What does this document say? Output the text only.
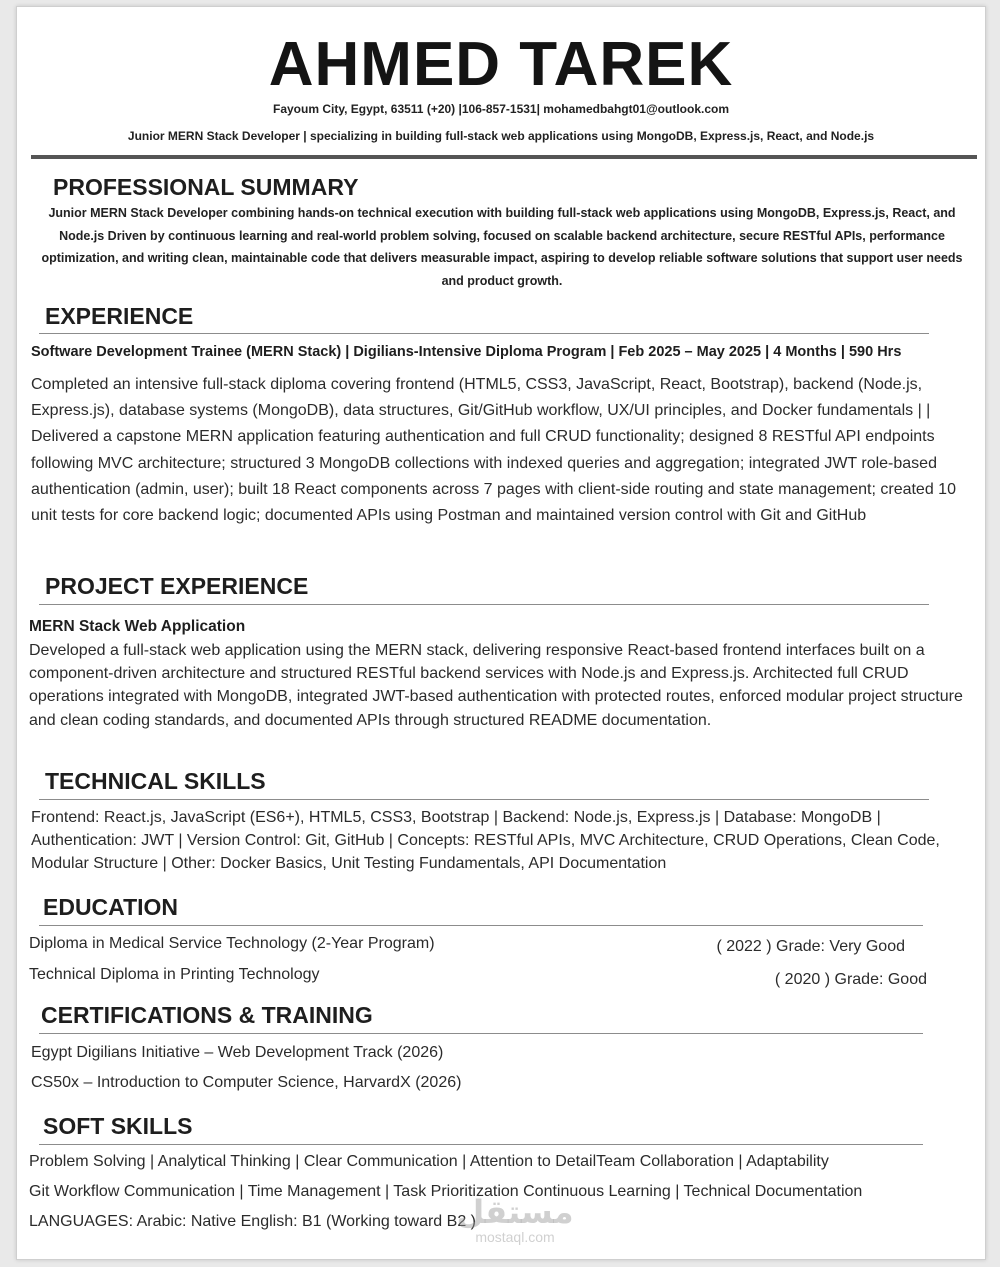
AHMED TAREK
Fayoum City, Egypt, 63511 (+20) |106-857-1531| mohamedbahgt01@outlook.com
Junior MERN Stack Developer | specializing in building full-stack web applications using MongoDB, Express.js, React, and Node.js
PROFESSIONAL SUMMARY
Junior MERN Stack Developer combining hands-on technical execution with building full-stack web applications using MongoDB, Express.js, React, and Node.js Driven by continuous learning and real-world problem solving, focused on scalable backend architecture, secure RESTful APIs, performance optimization, and writing clean, maintainable code that delivers measurable impact, aspiring to develop reliable software solutions that support user needs and product growth.
EXPERIENCE
Software Development Trainee (MERN Stack) | Digilians-Intensive Diploma Program | Feb 2025 – May 2025 | 4 Months | 590 Hrs
Completed an intensive full-stack diploma covering frontend (HTML5, CSS3, JavaScript, React, Bootstrap), backend (Node.js, Express.js), database systems (MongoDB), data structures, Git/GitHub workflow, UX/UI principles, and Docker fundamentals | | Delivered a capstone MERN application featuring authentication and full CRUD functionality; designed 8 RESTful API endpoints following MVC architecture; structured 3 MongoDB collections with indexed queries and aggregation; integrated JWT role-based authentication (admin, user); built 18 React components across 7 pages with client-side routing and state management; created 10 unit tests for core backend logic; documented APIs using Postman and maintained version control with Git and GitHub
PROJECT EXPERIENCE
MERN Stack Web Application
Developed a full-stack web application using the MERN stack, delivering responsive React-based frontend interfaces built on a component-driven architecture and structured RESTful backend services with Node.js and Express.js. Architected full CRUD operations integrated with MongoDB, integrated JWT-based authentication with protected routes, enforced modular project structure and clean coding standards, and documented APIs through structured README documentation.
TECHNICAL SKILLS
Frontend: React.js, JavaScript (ES6+), HTML5, CSS3, Bootstrap | Backend: Node.js, Express.js | Database: MongoDB | Authentication: JWT | Version Control: Git, GitHub | Concepts: RESTful APIs, MVC Architecture, CRUD Operations, Clean Code, Modular Structure | Other: Docker Basics, Unit Testing Fundamentals, API Documentation
EDUCATION
Diploma in Medical Service Technology (2-Year Program)	( 2022 ) Grade: Very Good
Technical Diploma in Printing Technology	( 2020 ) Grade: Good
CERTIFICATIONS & TRAINING
Egypt Digilians Initiative – Web Development Track (2026)
CS50x – Introduction to Computer Science, HarvardX (2026)
SOFT SKILLS
Problem Solving | Analytical Thinking | Clear Communication | Attention to DetailTeam Collaboration | Adaptability
Git Workflow Communication | Time Management | Task Prioritization Continuous Learning | Technical Documentation
LANGUAGES: Arabic: Native English: B1 (Working toward B2 )
مستقل
mostaql.com
